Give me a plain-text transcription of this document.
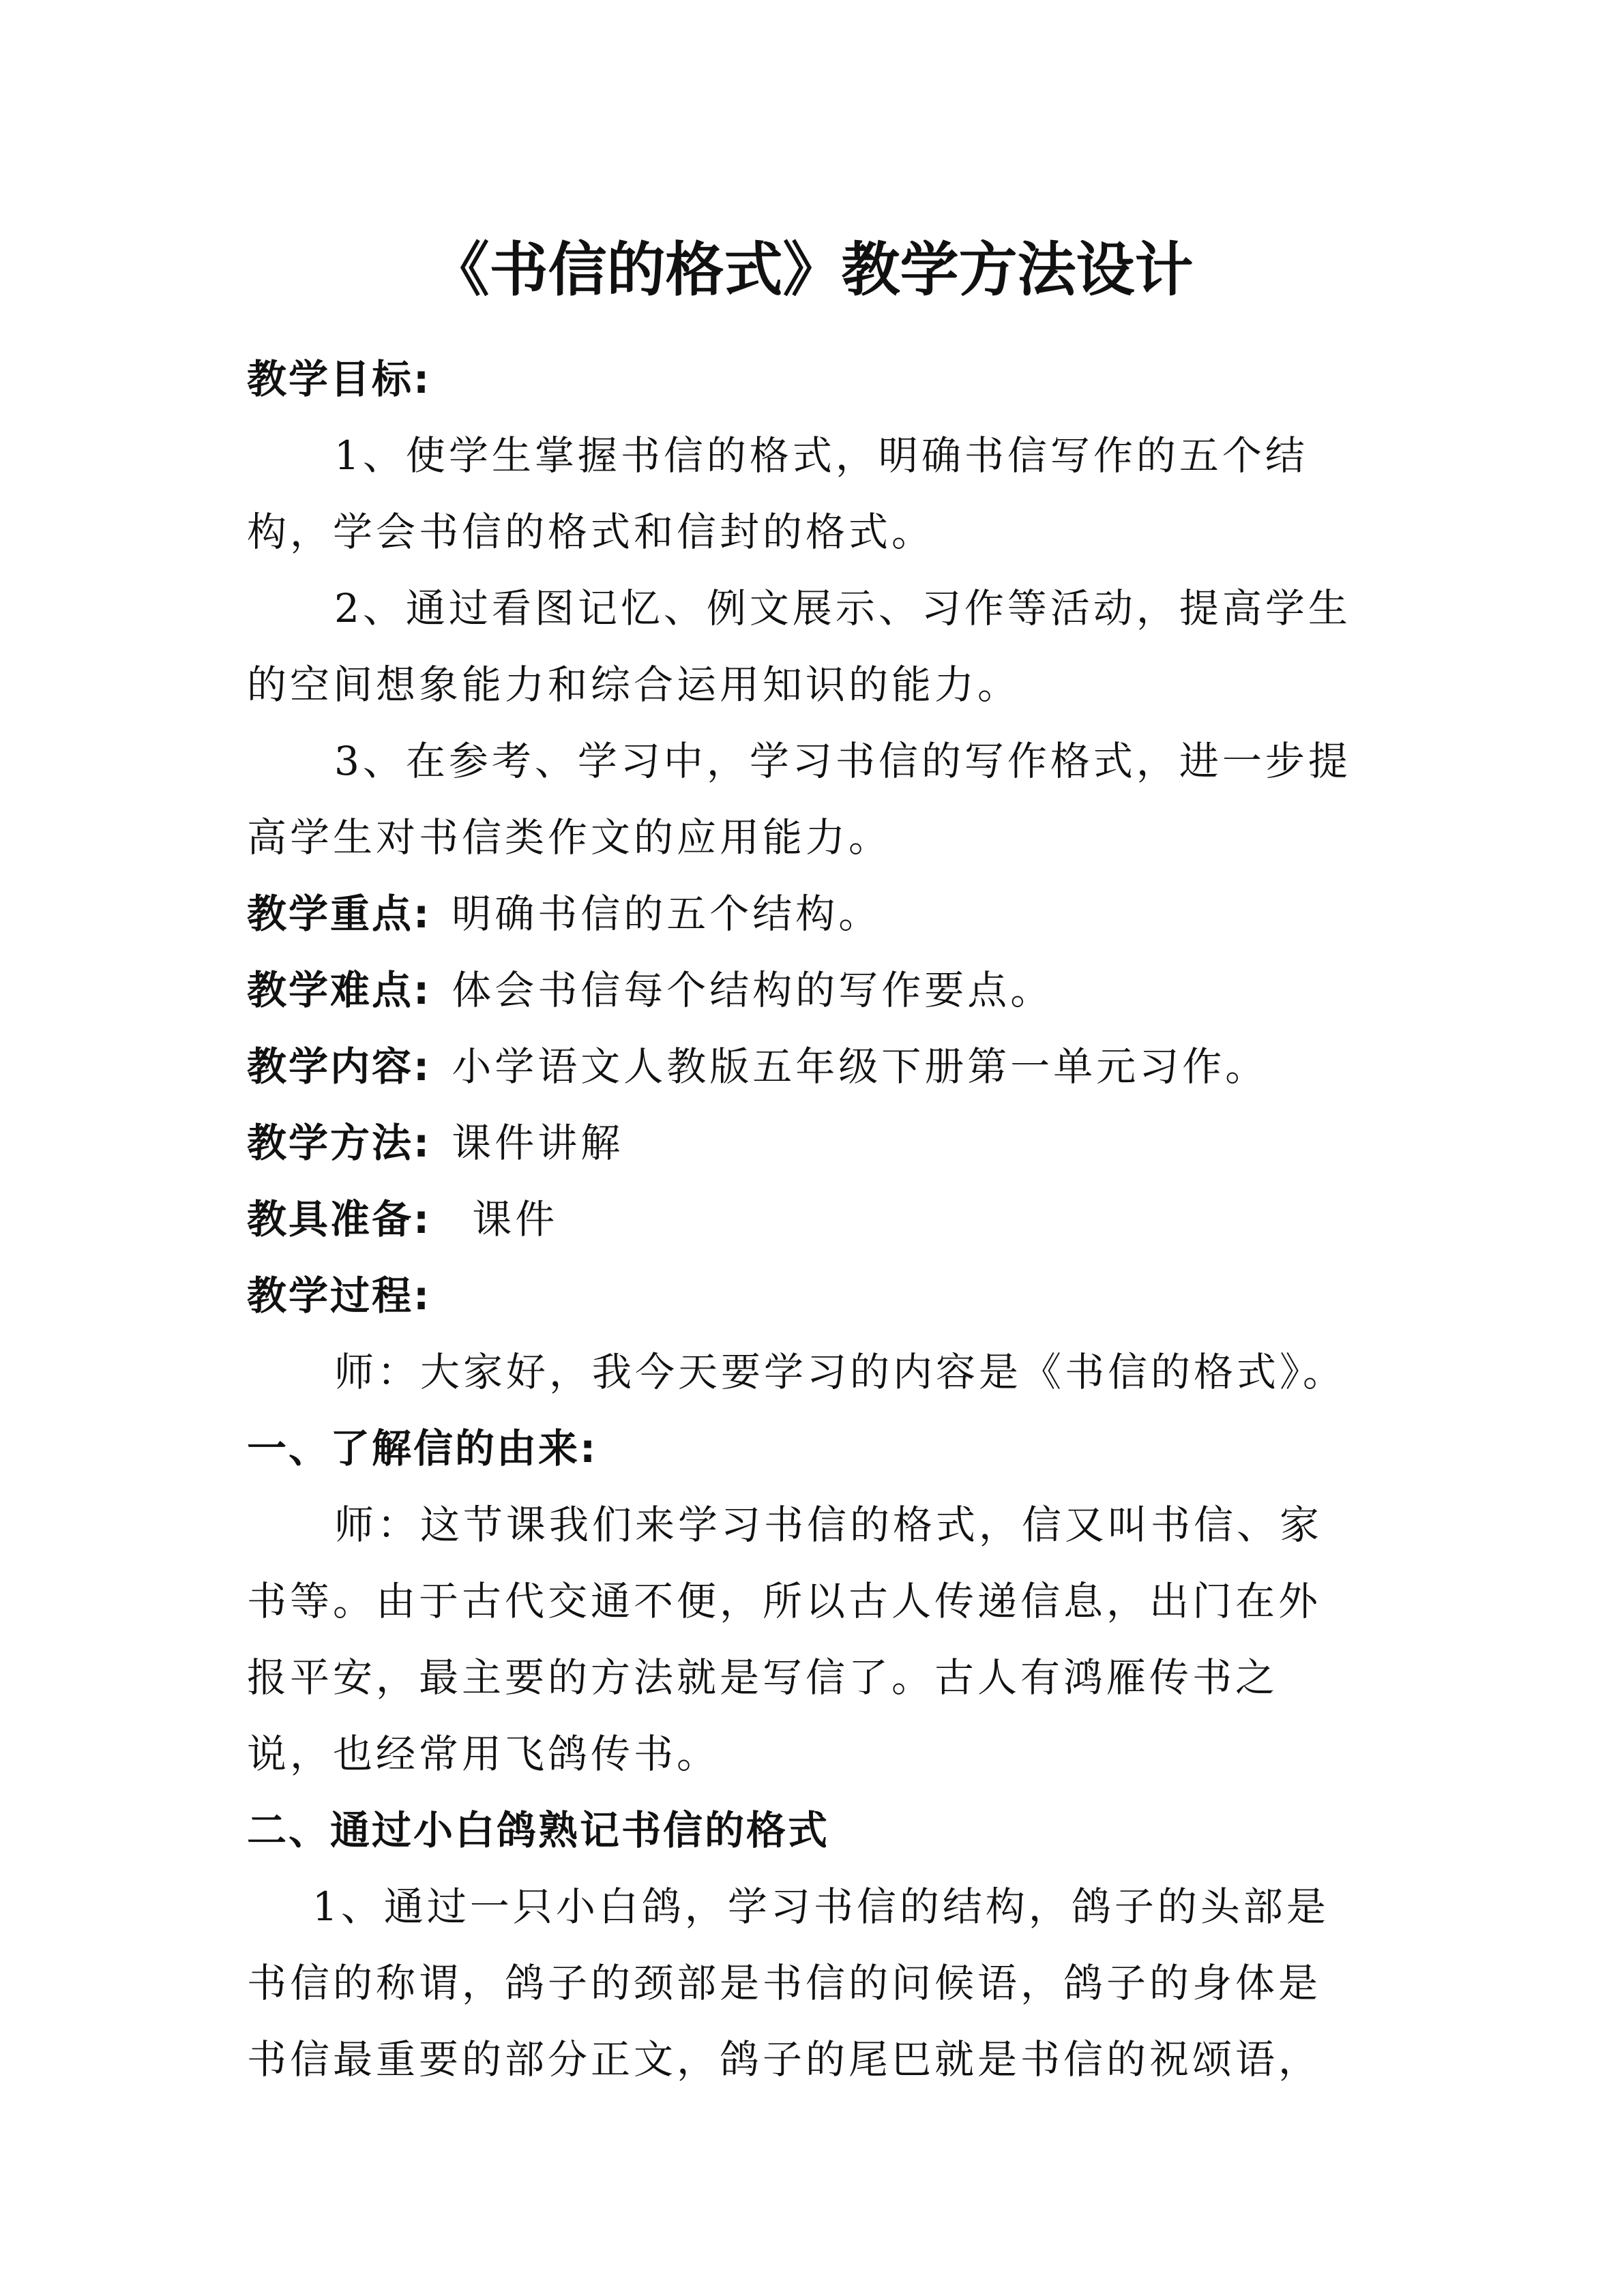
《书信的格式》教学方法设计
教学目标:
1、使学生掌握书信的格式，明确书信写作的五个结
构，学会书信的格式和信封的格式。
2、通过看图记忆、例文展示、习作等活动，提高学生
的空间想象能力和综合运用知识的能力。
3、在参考、学习中，学习书信的写作格式，进一步提
高学生对书信类作文的应用能力。
教学重点: 明确书信的五个结构。
教学难点: 体会书信每个结构的写作要点。
教学内容: 小学语文人教版五年级下册第一单元习作。
教学方法: 课件讲解
教具准备: 课件
教学过程:
师：大家好，我今天要学习的内容是《书信的格式》。
一、了解信的由来:
师：这节课我们来学习书信的格式，信又叫书信、家
书等。由于古代交通不便，所以古人传递信息，出门在外
报平安，最主要的方法就是写信了。古人有鸿雁传书之
说，也经常用飞鸽传书。
二、通过小白鸽熟记书信的格式
1、通过一只小白鸽，学习书信的结构，鸽子的头部是
书信的称谓，鸽子的颈部是书信的问候语，鸽子的身体是
书信最重要的部分正文，鸽子的尾巴就是书信的祝颂语，
